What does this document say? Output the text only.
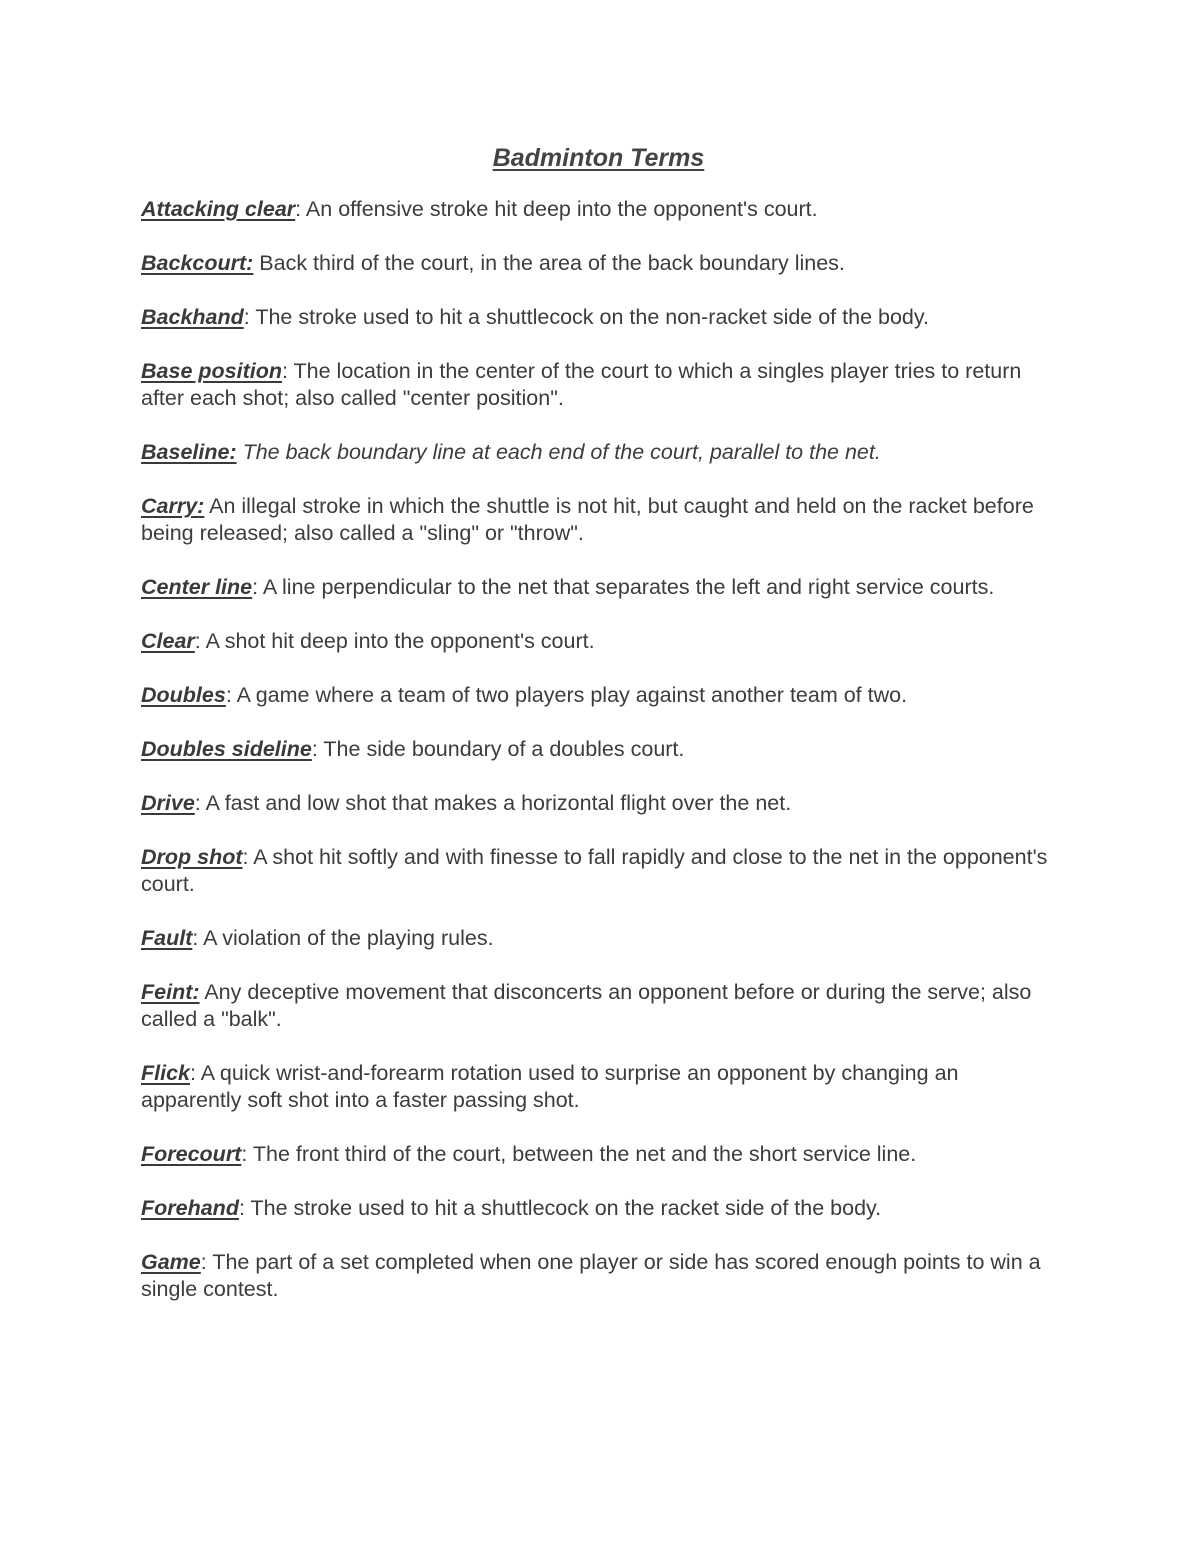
Badminton Terms
Attacking clear: An offensive stroke hit deep into the opponent's court.
Backcourt: Back third of the court, in the area of the back boundary lines.
Backhand: The stroke used to hit a shuttlecock on the non-racket side of the body.
Base position: The location in the center of the court to which a singles player tries to return after each shot; also called "center position".
Baseline: The back boundary line at each end of the court, parallel to the net.
Carry: An illegal stroke in which the shuttle is not hit, but caught and held on the racket before being released; also called a "sling" or "throw".
Center line: A line perpendicular to the net that separates the left and right service courts.
Clear: A shot hit deep into the opponent's court.
Doubles: A game where a team of two players play against another team of two.
Doubles sideline: The side boundary of a doubles court.
Drive: A fast and low shot that makes a horizontal flight over the net.
Drop shot: A shot hit softly and with finesse to fall rapidly and close to the net in the opponent's court.
Fault: A violation of the playing rules.
Feint: Any deceptive movement that disconcerts an opponent before or during the serve; also called a "balk".
Flick: A quick wrist-and-forearm rotation used to surprise an opponent by changing an apparently soft shot into a faster passing shot.
Forecourt: The front third of the court, between the net and the short service line.
Forehand: The stroke used to hit a shuttlecock on the racket side of the body.
Game: The part of a set completed when one player or side has scored enough points to win a single contest.
